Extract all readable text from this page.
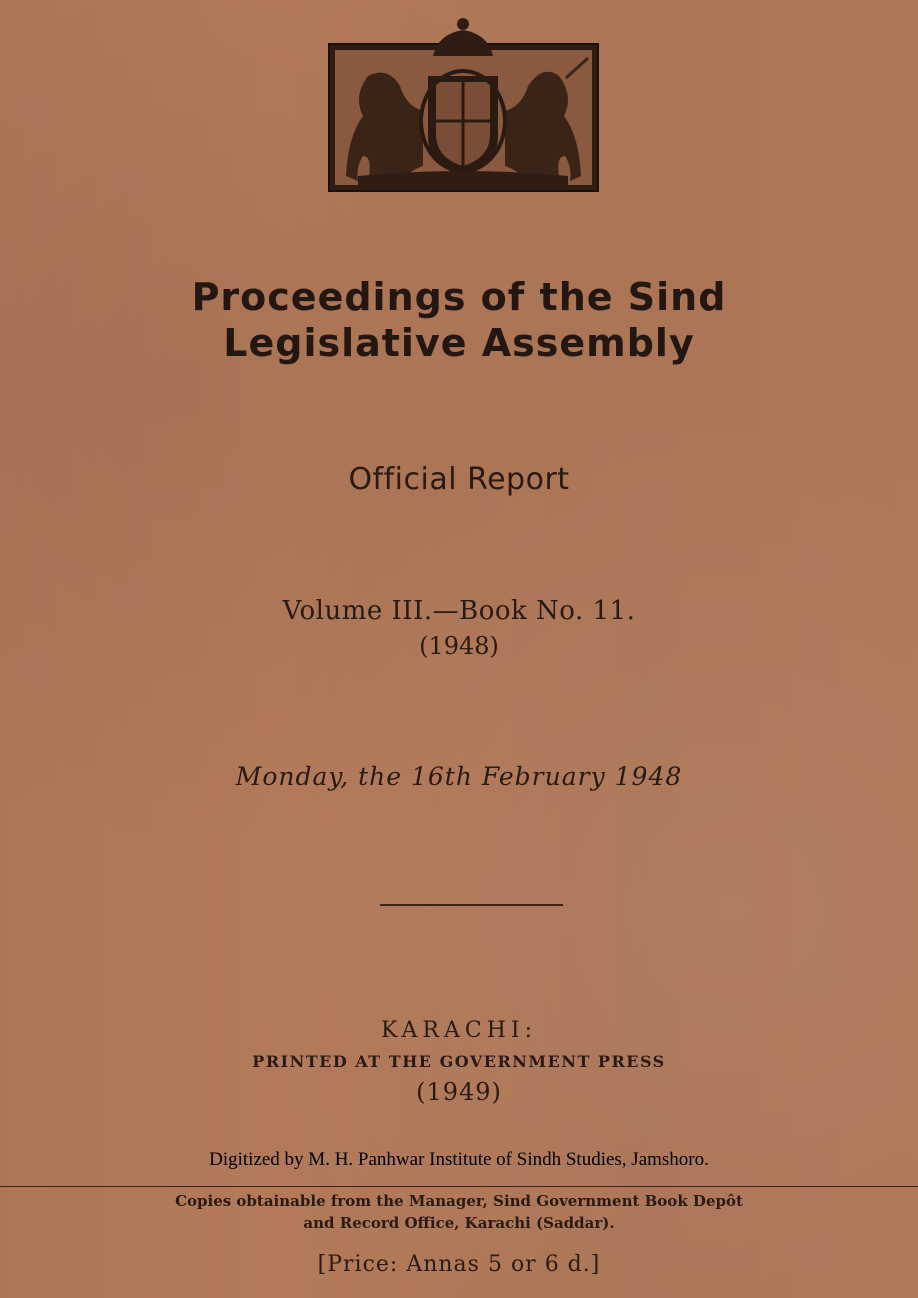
Proceedings of the Sind
Legislative Assembly
Official Report
Volume III.—Book No. 11.
(1948)
Monday, the 16th February 1948
KARACHI:
PRINTED AT THE GOVERNMENT PRESS
(1949)
Digitized by M. H. Panhwar Institute of Sindh Studies, Jamshoro.
Copies obtainable from the Manager, Sind Government Book Depôt
and Record Office, Karachi (Saddar).
[Price: Annas 5 or 6 d.]
